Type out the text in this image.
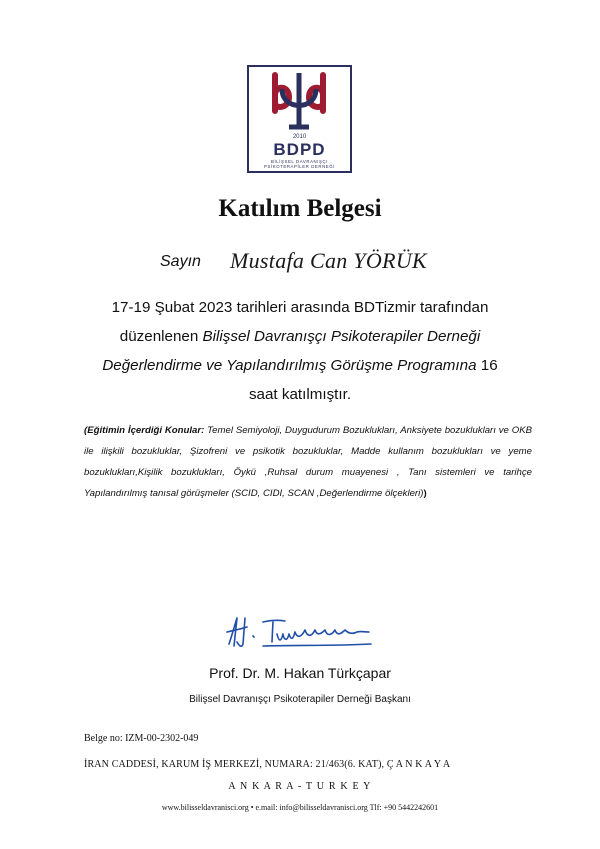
2010
BDPD
BİLİŞSEL DAVRANIŞÇI
PSİKOTERAPİLER DERNEĞİ
Katılım Belgesi
Sayın Mustafa Can YÖRÜK
17-19 Şubat 2023 tarihleri arasında BDTizmir tarafından
düzenlenen Bilişsel Davranışçı Psikoterapiler Derneği
Değerlendirme ve Yapılandırılmış Görüşme Programına 16
saat katılmıştır.
(Eğitimin İçerdiği Konular: Temel Semiyoloji, Duygudurum Bozuklukları, Anksiyete bozuklukları ve OKB ile ilişkili bozukluklar, Şizofreni ve psikotik bozukluklar, Madde kullanım bozuklukları ve yeme bozuklukları,Kişilik bozuklukları, Öykü ,Ruhsal durum muayenesi , Tanı sistemleri ve tarihçe Yapılandırılmış tanısal görüşmeler (SCID, CIDI, SCAN ,Değerlendirme ölçekleri))
Prof. Dr. M. Hakan Türkçapar
Bilişsel Davranışçı Psikoterapiler Derneği Başkanı
Belge no: IZM-00-2302-049
İRAN CADDESİ, KARUM İŞ MERKEZİ, NUMARA: 21/463(6. KAT), Ç A N K A Y A
A N K A R A - T U R K E Y
www.bilisseldavranisci.org • e.mail: info@bilisseldavranisci.org Tlf: +90 5442242601
